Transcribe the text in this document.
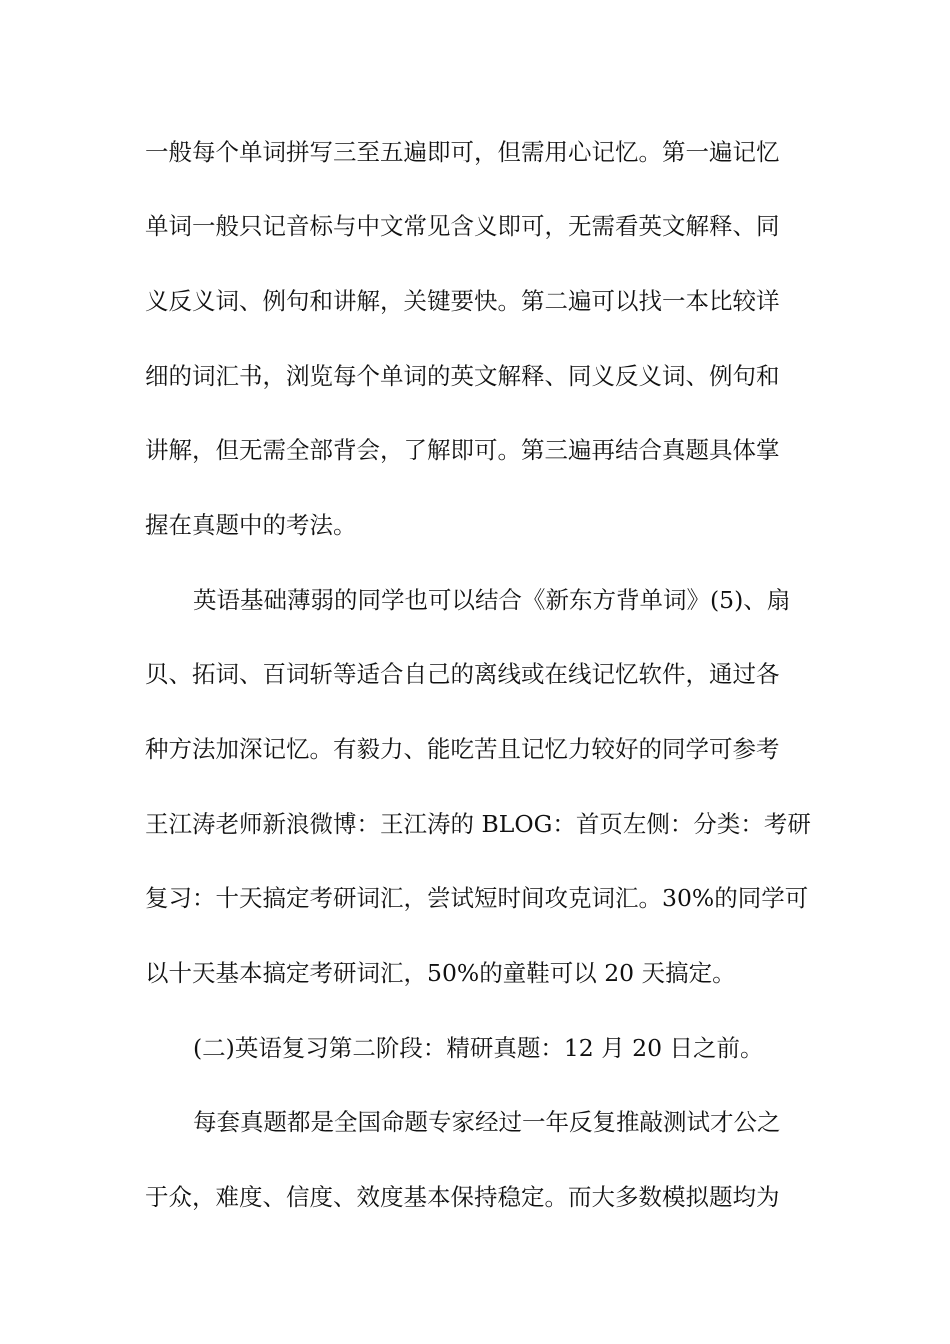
一般每个单词拼写三至五遍即可，但需用心记忆。第一遍记忆
单词一般只记音标与中文常见含义即可，无需看英文解释、同
义反义词、例句和讲解，关键要快。第二遍可以找一本比较详
细的词汇书，浏览每个单词的英文解释、同义反义词、例句和
讲解，但无需全部背会，了解即可。第三遍再结合真题具体掌
握在真题中的考法。
英语基础薄弱的同学也可以结合《新东方背单词》(5)、扇
贝、拓词、百词斩等适合自己的离线或在线记忆软件，通过各
种方法加深记忆。有毅力、能吃苦且记忆力较好的同学可参考
王江涛老师新浪微博：王江涛的 BLOG：首页左侧：分类：考研
复习：十天搞定考研词汇，尝试短时间攻克词汇。30%的同学可
以十天基本搞定考研词汇，50%的童鞋可以 20 天搞定。
(二)英语复习第二阶段：精研真题：12 月 20 日之前。
每套真题都是全国命题专家经过一年反复推敲测试才公之
于众，难度、信度、效度基本保持稳定。而大多数模拟题均为
